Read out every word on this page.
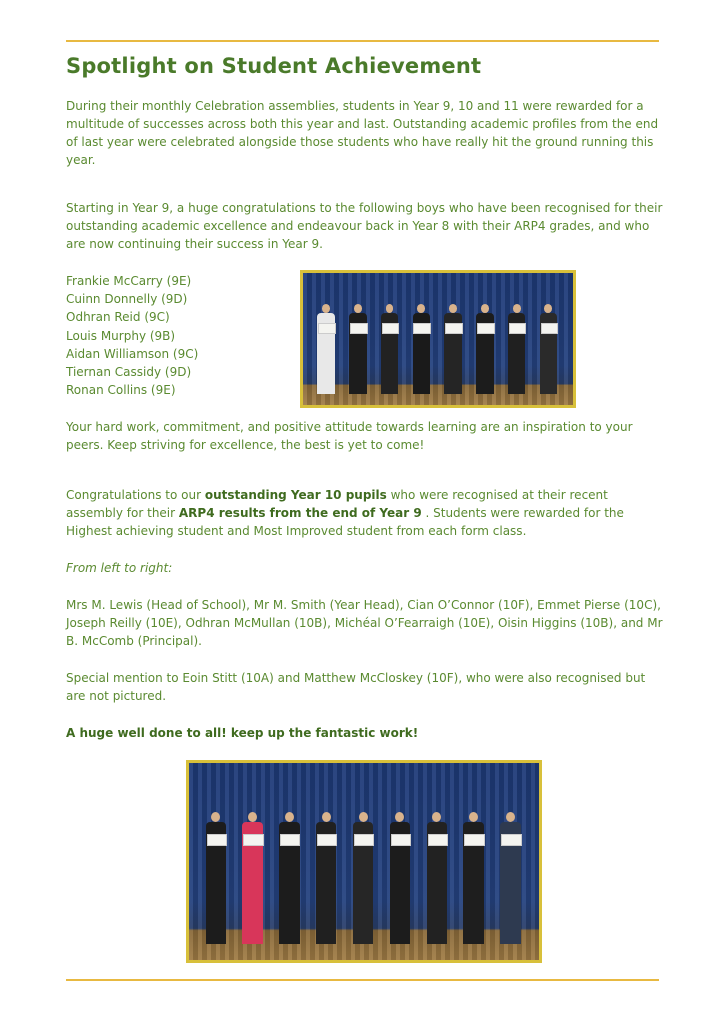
Spotlight on Student Achievement

During their monthly Celebration assemblies, students in Year 9, 10 and 11 were rewarded for a multitude of successes across both this year and last. Outstanding academic profiles from the end of last year were celebrated alongside those students who have really hit the ground running this year.

Starting in Year 9, a huge congratulations to the following boys who have been recognised for their outstanding academic excellence and endeavour back in Year 8 with their ARP4 grades, and who are now continuing their success in Year 9.

Frankie McCarry (9E)
Cuinn Donnelly (9D)
Odhran Reid (9C)
Louis Murphy (9B)
Aidan Williamson (9C)
Tiernan Cassidy (9D)
Ronan Collins (9E)

Your hard work, commitment, and positive attitude towards learning are an inspiration to your peers. Keep striving for excellence, the best is yet to come!

Congratulations to our outstanding Year 10 pupils who were recognised at their recent assembly for their ARP4 results from the end of Year 9 . Students were rewarded for the Highest achieving student and Most Improved student from each form class.

From left to right:

Mrs M. Lewis (Head of School), Mr M. Smith (Year Head), Cian O’Connor (10F), Emmet Pierse (10C), Joseph Reilly (10E), Odhran McMullan (10B), Michéal O’Fearraigh (10E), Oisin Higgins (10B), and Mr B. McComb (Principal).

Special mention to Eoin Stitt (10A) and Matthew McCloskey (10F), who were also recognised but are not pictured.

A huge well done to all! keep up the fantastic work!
